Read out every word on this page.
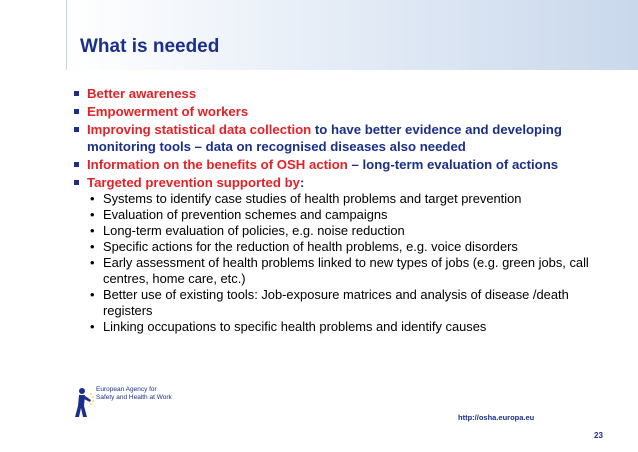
What is needed
Better awareness
Empowerment of workers
Improving statistical data collection to have better evidence and developing monitoring tools – data on recognised diseases also needed
Information on the benefits of OSH action – long-term evaluation of actions
Targeted prevention supported by:
• Systems to identify case studies of health problems and target prevention
• Evaluation of prevention schemes and campaigns
• Long-term evaluation of policies, e.g. noise reduction
• Specific actions for the reduction of health problems, e.g. voice disorders
• Early assessment of health problems linked to new types of jobs (e.g. green jobs, call centres, home care, etc.)
• Better use of existing tools: Job-exposure matrices and analysis of disease /death registers
• Linking occupations to specific health problems and identify causes
European Agency for Safety and Health at Work
http://osha.europa.eu
23
